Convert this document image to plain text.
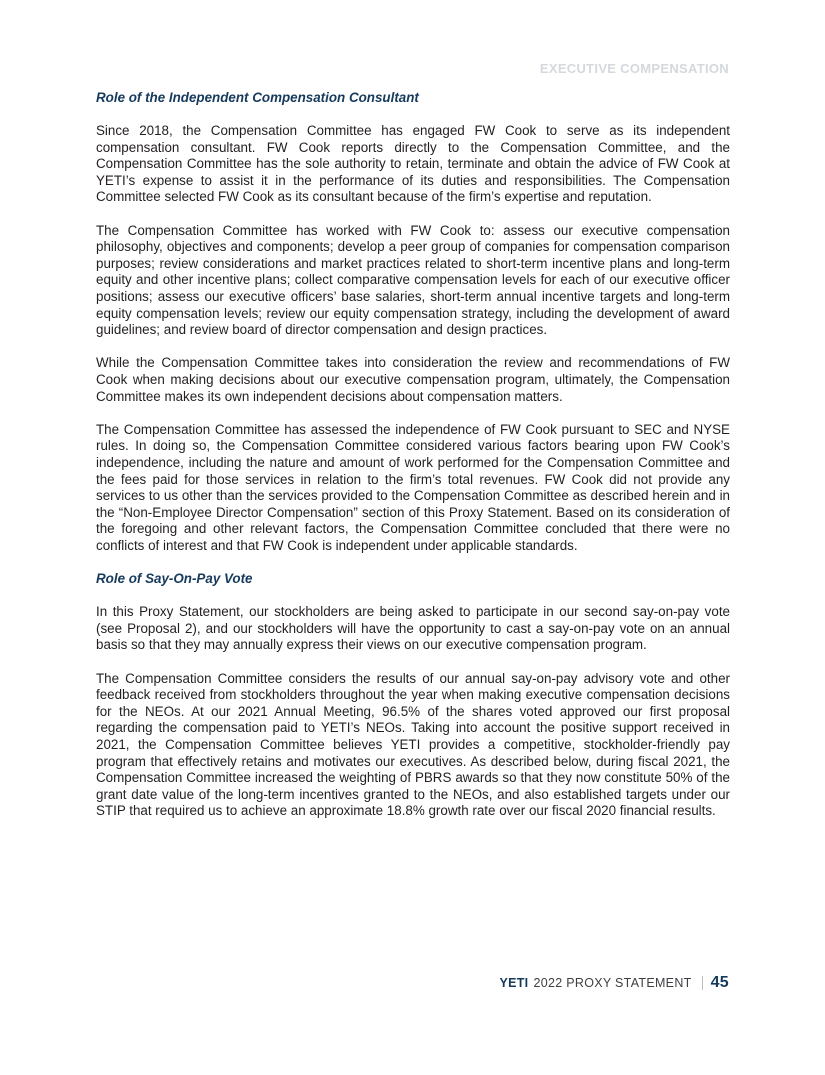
EXECUTIVE COMPENSATION
Role of the Independent Compensation Consultant

Since 2018, the Compensation Committee has engaged FW Cook to serve as its independent compensation consultant. FW Cook reports directly to the Compensation Committee, and the Compensation Committee has the sole authority to retain, terminate and obtain the advice of FW Cook at YETI’s expense to assist it in the performance of its duties and responsibilities. The Compensation Committee selected FW Cook as its consultant because of the firm’s expertise and reputation.

The Compensation Committee has worked with FW Cook to: assess our executive compensation philosophy, objectives and components; develop a peer group of companies for compensation comparison purposes; review considerations and market practices related to short-term incentive plans and long-term equity and other incentive plans; collect comparative compensation levels for each of our executive officer positions; assess our executive officers’ base salaries, short-term annual incentive targets and long-term equity compensation levels; review our equity compensation strategy, including the development of award guidelines; and review board of director compensation and design practices.

While the Compensation Committee takes into consideration the review and recommendations of FW Cook when making decisions about our executive compensation program, ultimately, the Compensation Committee makes its own independent decisions about compensation matters.

The Compensation Committee has assessed the independence of FW Cook pursuant to SEC and NYSE rules. In doing so, the Compensation Committee considered various factors bearing upon FW Cook’s independence, including the nature and amount of work performed for the Compensation Committee and the fees paid for those services in relation to the firm’s total revenues. FW Cook did not provide any services to us other than the services provided to the Compensation Committee as described herein and in the “Non-Employee Director Compensation” section of this Proxy Statement. Based on its consideration of the foregoing and other relevant factors, the Compensation Committee concluded that there were no conflicts of interest and that FW Cook is independent under applicable standards.

Role of Say-On-Pay Vote

In this Proxy Statement, our stockholders are being asked to participate in our second say-on-pay vote (see Proposal 2), and our stockholders will have the opportunity to cast a say-on-pay vote on an annual basis so that they may annually express their views on our executive compensation program.

The Compensation Committee considers the results of our annual say-on-pay advisory vote and other feedback received from stockholders throughout the year when making executive compensation decisions for the NEOs. At our 2021 Annual Meeting, 96.5% of the shares voted approved our first proposal regarding the compensation paid to YETI’s NEOs. Taking into account the positive support received in 2021, the Compensation Committee believes YETI provides a competitive, stockholder-friendly pay program that effectively retains and motivates our executives. As described below, during fiscal 2021, the Compensation Committee increased the weighting of PBRS awards so that they now constitute 50% of the grant date value of the long-term incentives granted to the NEOs, and also established targets under our STIP that required us to achieve an approximate 18.8% growth rate over our fiscal 2020 financial results.

YETI 2022 PROXY STATEMENT 45
